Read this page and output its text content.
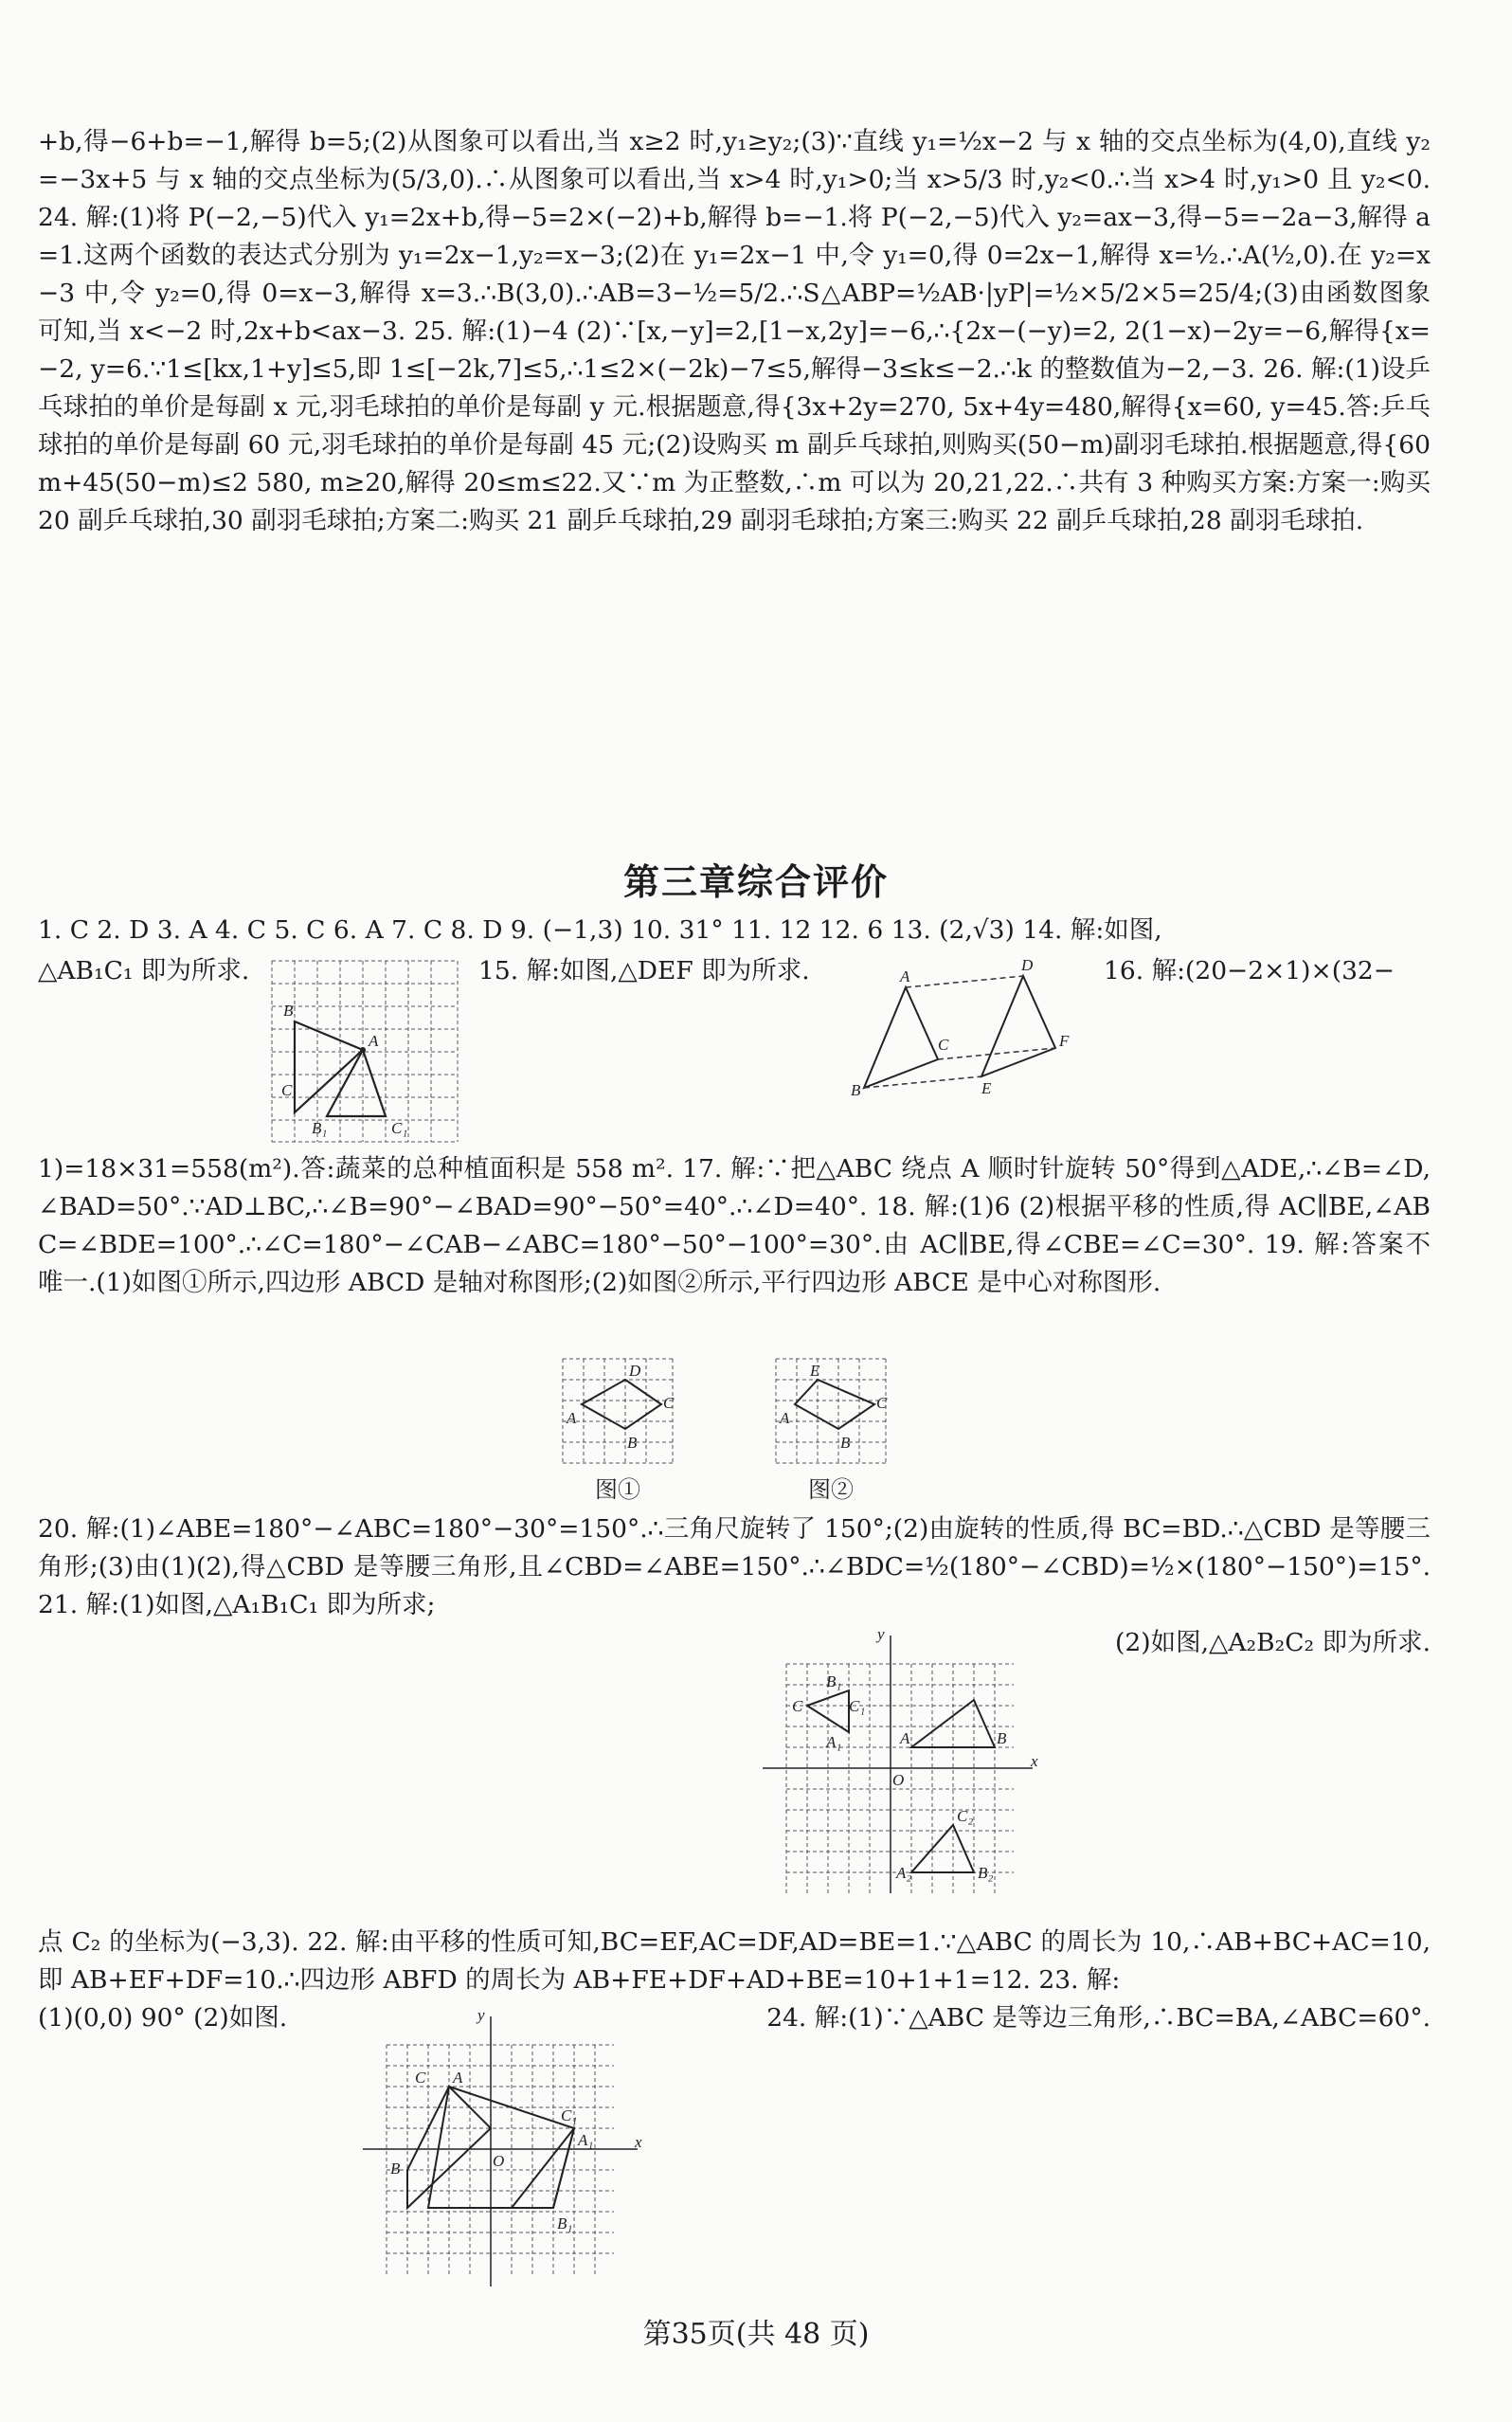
+b,得−6+b=−1,解得 b=5;(2)从图象可以看出,当 x≥2 时,y₁≥y₂;(3)∵直线 y₁=½x−2 与 x 轴的交点坐标为(4,0),直线 y₂=−3x+5 与 x 轴的交点坐标为(5/3,0).∴从图象可以看出,当 x>4 时,y₁>0;当 x>5/3 时,y₂<0.∴当 x>4 时,y₁>0 且 y₂<0. 24. 解:(1)将 P(−2,−5)代入 y₁=2x+b,得−5=2×(−2)+b,解得 b=−1.将 P(−2,−5)代入 y₂=ax−3,得−5=−2a−3,解得 a=1.这两个函数的表达式分别为 y₁=2x−1,y₂=x−3;(2)在 y₁=2x−1 中,令 y₁=0,得 0=2x−1,解得 x=½.∴A(½,0).在 y₂=x−3 中,令 y₂=0,得 0=x−3,解得 x=3.∴B(3,0).∴AB=3−½=5/2.∴S△ABP=½AB·|yP|=½×5/2×5=25/4;(3)由函数图象可知,当 x<−2 时,2x+b<ax−3. 25. 解:(1)−4 (2)∵[x,−y]=2,[1−x,2y]=−6,∴{2x−(−y)=2, 2(1−x)−2y=−6,解得{x=−2, y=6.∵1≤[kx,1+y]≤5,即 1≤[−2k,7]≤5,∴1≤2×(−2k)−7≤5,解得−3≤k≤−2.∴k 的整数值为−2,−3. 26. 解:(1)设乒乓球拍的单价是每副 x 元,羽毛球拍的单价是每副 y 元.根据题意,得{3x+2y=270, 5x+4y=480,解得{x=60, y=45.答:乒乓球拍的单价是每副 60 元,羽毛球拍的单价是每副 45 元;(2)设购买 m 副乒乓球拍,则购买(50−m)副羽毛球拍.根据题意,得{60m+45(50−m)≤2 580, m≥20,解得 20≤m≤22.又∵m 为正整数,∴m 可以为 20,21,22.∴共有 3 种购买方案:方案一:购买 20 副乒乓球拍,30 副羽毛球拍;方案二:购买 21 副乒乓球拍,29 副羽毛球拍;方案三:购买 22 副乒乓球拍,28 副羽毛球拍.

第三章综合评价

1. C 2. D 3. A 4. C 5. C 6. A 7. C 8. D 9. (−1,3) 10. 31° 11. 12 12. 6 13. (2,√3) 14. 解:如图,

△AB₁C₁ 即为所求.	15. 解:如图,△DEF 即为所求.	16. 解:(20−2×1)×(32−

B
A
C
B₁	C₁
A
D
C	F
B	E

1)=18×31=558(m²).答:蔬菜的总种植面积是 558 m². 17. 解:∵把△ABC 绕点 A 顺时针旋转 50°得到△ADE,∴∠B=∠D,∠BAD=50°.∵AD⊥BC,∴∠B=90°−∠BAD=90°−50°=40°.∴∠D=40°. 18. 解:(1)6 (2)根据平移的性质,得 AC∥BE,∠ABC=∠BDE=100°.∴∠C=180°−∠CAB−∠ABC=180°−50°−100°=30°.由 AC∥BE,得∠CBE=∠C=30°. 19. 解:答案不唯一.(1)如图①所示,四边形 ABCD 是轴对称图形;(2)如图②所示,平行四边形 ABCE 是中心对称图形.

D
C
A
B
图①
E
C
A
B
图②

20. 解:(1)∠ABE=180°−∠ABC=180°−30°=150°.∴三角尺旋转了 150°;(2)由旋转的性质,得 BC=BD.∴△CBD 是等腰三角形;(3)由(1)(2),得△CBD 是等腰三角形,且∠CBD=∠ABE=150°.∴∠BDC=½(180°−∠CBD)=½×(180°−150°)=15°. 21. 解:(1)如图,△A₁B₁C₁ 即为所求;

(2)如图,△A₂B₂C₂ 即为所求.

y
x
O
C
B₁
A₁
C₁
A	B
C₂
A₂	B₂

点 C₂ 的坐标为(−3,3). 22. 解:由平移的性质可知,BC=EF,AC=DF,AD=BE=1.∵△ABC 的周长为 10,∴AB+BC+AC=10,即 AB+EF+DF=10.∴四边形 ABFD 的周长为 AB+FE+DF+AD+BE=10+1+1=12. 23. 解:

(1)(0,0) 90° (2)如图.	24. 解:(1)∵△ABC 是等边三角形,∴BC=BA,∠ABC=60°.

y
x
O
C A
C₁
A₁
B
B₁

第35页(共 48 页)
